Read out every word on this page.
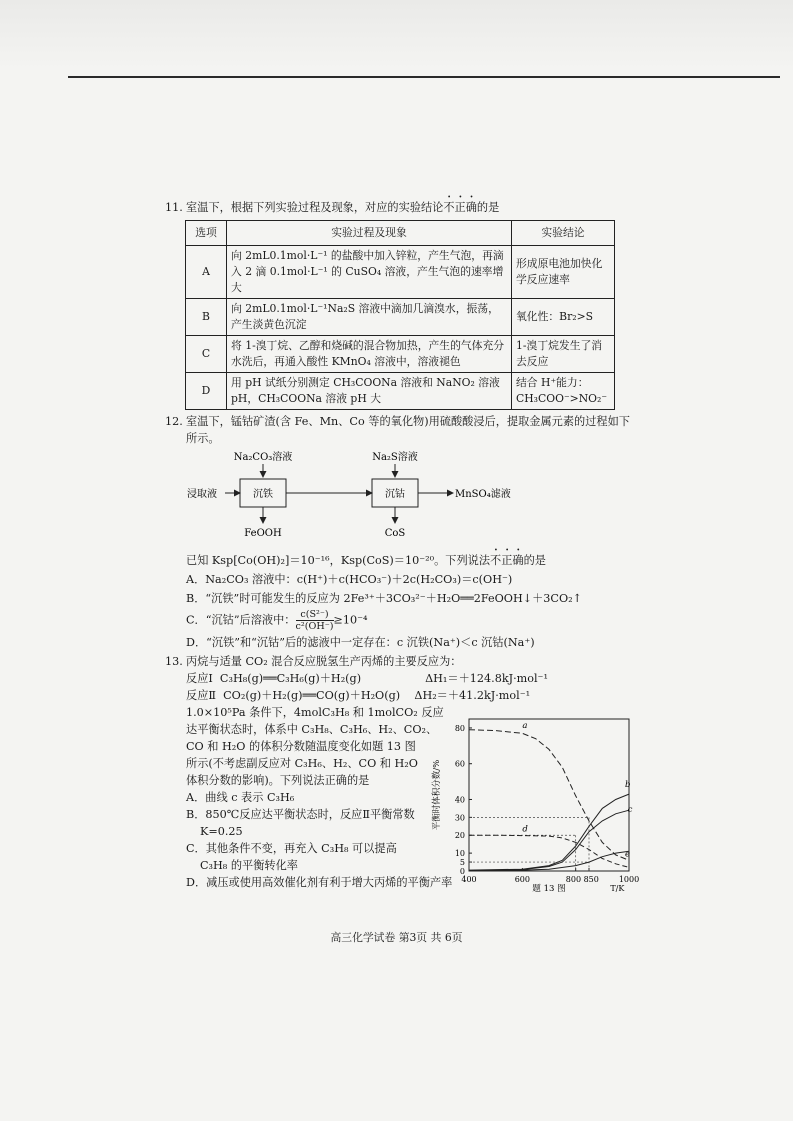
11. 室温下，根据下列实验过程及现象，对应的实验结论不正确的是

选项	实验过程及现象	实验结论
A	向 2mL0.1mol·L⁻¹ 的盐酸中加入锌粒，产生气泡，再滴入 2 滴 0.1mol·L⁻¹ 的 CuSO₄ 溶液，产生气泡的速率增大	形成原电池加快化学反应速率
B	向 2mL0.1mol·L⁻¹Na₂S 溶液中滴加几滴溴水，振荡，产生淡黄色沉淀	氧化性：Br₂>S
C	将 1-溴丁烷、乙醇和烧碱的混合物加热，产生的气体充分水洗后，再通入酸性 KMnO₄ 溶液中，溶液褪色	1-溴丁烷发生了消去反应
D	用 pH 试纸分别测定 CH₃COONa 溶液和 NaNO₂ 溶液 pH，CH₃COONa 溶液 pH 大	结合 H⁺能力：CH₃COO⁻>NO₂⁻

12. 室温下，锰钴矿渣(含 Fe、Mn、Co 等的氧化物)用硫酸酸浸后，提取金属元素的过程如下

所示。

Na₂CO₃溶液	Na₂S溶液
浸取液	沉铁	沉钴	MnSO₄滤液
FeOOH	CoS

已知 Ksp[Co(OH)₂]＝10⁻¹⁶，Ksp(CoS)＝10⁻²⁰。下列说法不正确的是

A．Na₂CO₃ 溶液中：c(H⁺)＋c(HCO₃⁻)＋2c(H₂CO₃)＝c(OH⁻)

B．“沉铁”时可能发生的反应为 2Fe³⁺＋3CO₃²⁻＋H₂O══2FeOOH↓＋3CO₂↑

C．“沉钴”后溶液中： $\frac{\text{c(S²⁻)}}{\text{c²(OH⁻)}} \ge 10^{-4}$

D．“沉铁”和“沉钴”后的滤液中一定存在：c 沉铁(Na⁺)＜c 沉钴(Na⁺)

13. 丙烷与适量 CO₂ 混合反应脱氢生产丙烯的主要反应为：

反应Ⅰ C₃H₈(g)══C₃H₆(g)＋H₂(g)	ΔH₁＝＋124.8kJ·mol⁻¹

反应Ⅱ CO₂(g)＋H₂(g)══CO(g)＋H₂O(g) ΔH₂＝＋41.2kJ·mol⁻¹

1.0×10⁵Pa 条件下，4molC₃H₈ 和 1molCO₂ 反应
达平衡状态时，体系中 C₃H₈、C₃H₆、H₂、CO₂、
CO 和 H₂O 的体积分数随温度变化如题 13 图
所示(不考虑副反应对 C₃H₆、H₂、CO 和 H₂O
体积分数的影响)。下列说法正确的是
A．曲线 c 表示 C₃H₆
B．850℃反应达平衡状态时，反应Ⅱ平衡常数
K=0.25
C．其他条件不变，再充入 C₃H₈ 可以提高
C₃H₈ 的平衡转化率
D．减压或使用高效催化剂有利于增大丙烯的平衡产率
0
5
10
20
30
40
60
80
400	600	800 850 1000
a
b
c
d
e
T/K
平衡时体积分数/%
题 13 图
高三化学试卷 第3页 共 6页
